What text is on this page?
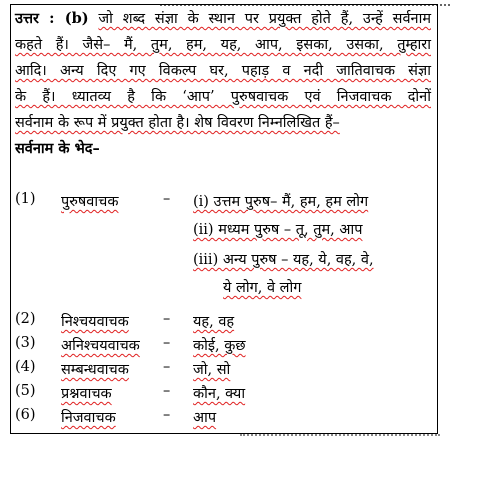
उत्तर : (b) जो शब्द संज्ञा के स्थान पर प्रयुक्त होते हैं, उन्हें सर्वनाम
कहते हैं। जैसे– मैं, तुम, हम, यह, आप, इसका, उसका, तुम्हारा
आदि। अन्य दिए गए विकल्प घर, पहाड़ व नदी जातिवाचक संज्ञा
के हैं। ध्यातव्य है कि ‘आप’ पुरुषवाचक एवं निजवाचक दोनों
सर्वनाम के रूप में प्रयुक्त होता है। शेष विवरण निम्नलिखित हैं–
सर्वनाम के भेद–
(1) पुरुषवाचक	– (i) उत्तम पुरुष– मैं, हम, हम लोग
(ii) मध्यम पुरुष – तू, तुम, आप
(iii) अन्य पुरुष – यह, ये, वह, वे,
ये लोग, वे लोग
(2) निश्चयवाचक – यह, वह
(3) अनिश्चयवाचक – कोई, कुछ
(4) सम्बन्धवाचक – जो, सो
(5) प्रश्नवाचक	– कौन, क्या
(6) निजवाचक	– आप
